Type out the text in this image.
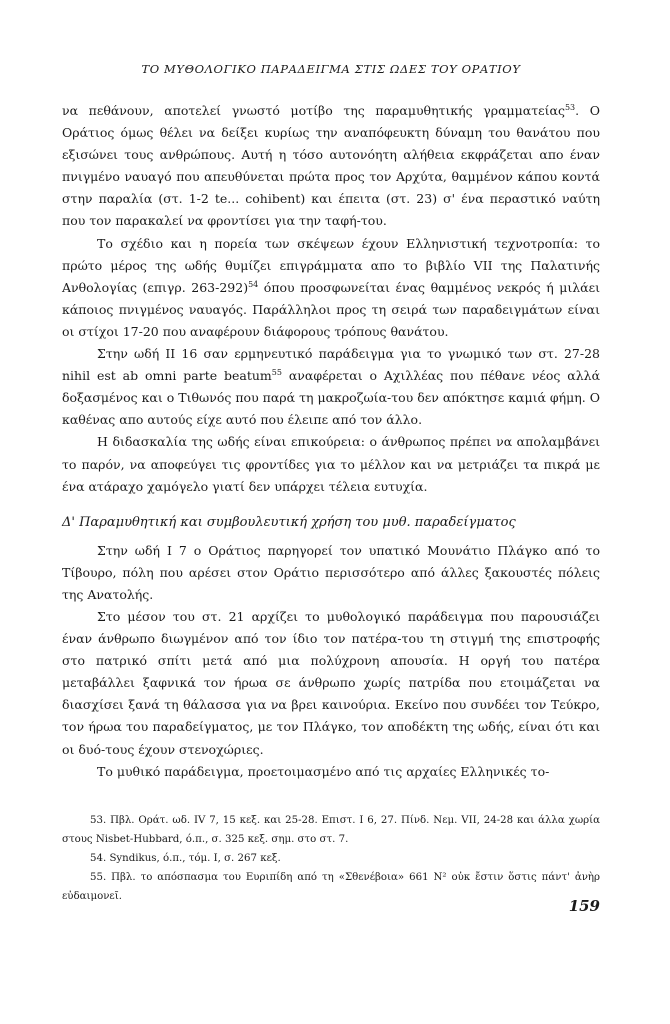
ΤΟ ΜΥΘΟΛΟΓΙΚΟ ΠΑΡΑΔΕΙΓΜΑ ΣΤΙΣ ΩΔΕΣ ΤΟΥ ΟΡΑΤΙΟΥ

να πεθάνουν, αποτελεί γνωστό μοτίβο της παραμυθητικής γραμματείας$^{53}$. Ο Οράτιος όμως θέλει να δείξει κυρίως την αναπόφευκτη δύναμη του θανάτου που εξισώνει τους ανθρώπους. Αυτή η τόσο αυτονόητη αλήθεια εκφράζεται απο έναν πνιγμένο ναυαγό που απευθύνεται πρώτα προς τον Αρχύτα, θαμμένον κάπου κοντά στην παραλία (στ. 1-2 te... cohibent) και έπειτα (στ. 23) σ' ένα περαστικό ναύτη που τον παρακαλεί να φροντίσει για την ταφή-του.

Το σχέδιο και η πορεία των σκέψεων έχουν Ελληνιστική τεχνοτροπία: το πρώτο μέρος της ωδής θυμίζει επιγράμματα απο το βιβλίο VII της Παλατινής Ανθολογίας (επιγρ. 263-292)$^{54}$ όπου προσφωνείται ένας θαμμένος νεκρός ή μιλάει κάποιος πνιγμένος ναυαγός. Παράλληλοι προς τη σειρά των παραδειγμάτων είναι οι στίχοι 17-20 που αναφέρουν διάφορους τρόπους θανάτου.

Στην ωδή ΙΙ 16 σαν ερμηνευτικό παράδειγμα για το γνωμικό των στ. 27-28 nihil est ab omni parte beatum$^{55}$ αναφέρεται ο Αχιλλέας που πέθανε νέος αλλά δοξασμένος και ο Τιθωνός που παρά τη μακροζωία-του δεν απόκτησε καμιά φήμη. Ο καθένας απο αυτούς είχε αυτό που έλειπε από τον άλλο.

Η διδασκαλία της ωδής είναι επικούρεια: ο άνθρωπος πρέπει να απολαμβάνει το παρόν, να αποφεύγει τις φροντίδες για το μέλλον και να μετριάζει τα πικρά με ένα ατάραχο χαμόγελο γιατί δεν υπάρχει τέλεια ευτυχία.

Δ' Παραμυθητική και συμβουλευτική χρήση του μυθ. παραδείγματος

Στην ωδή Ι 7 ο Οράτιος παρηγορεί τον υπατικό Μουνάτιο Πλάγκο από το Τίβουρο, πόλη που αρέσει στον Οράτιο περισσότερο από άλλες ξακουστές πόλεις της Ανατολής.

Στο μέσον του στ. 21 αρχίζει το μυθολογικό παράδειγμα που παρουσιάζει έναν άνθρωπο διωγμένον από τον ίδιο τον πατέρα-του τη στιγμή της επιστροφής στο πατρικό σπίτι μετά από μια πολύχρονη απουσία. Η οργή του πατέρα μεταβάλλει ξαφνικά τον ήρωα σε άνθρωπο χωρίς πατρίδα που ετοιμάζεται να διασχίσει ξανά τη θάλασσα για να βρει καινούρια. Εκείνο που συνδέει τον Τεύκρο, τον ήρωα του παραδείγματος, με τον Πλάγκο, τον αποδέκτη της ωδής, είναι ότι και οι δυό-τους έχουν στενοχώριες.

Το μυθικό παράδειγμα, προετοιμασμένο από τις αρχαίες Ελληνικές το-

53. Πβλ. Οράτ. ωδ. IV 7, 15 κεξ. και 25-28. Επιστ. I 6, 27. Πίνδ. Νεμ. VII, 24-28 και άλλα χωρία στους Nisbet-Hubbard, ό.π., σ. 325 κεξ. σημ. στο στ. 7.

54. Syndikus, ό.π., τόμ. I, σ. 267 κεξ.

55. Πβλ. το απόσπασμα του Ευριπίδη από τη «Σθενέβοια» 661 N² οὐκ ἔστιν ὅστις πάντ' ἀνὴρ εὐδαιμονεῖ.

159
